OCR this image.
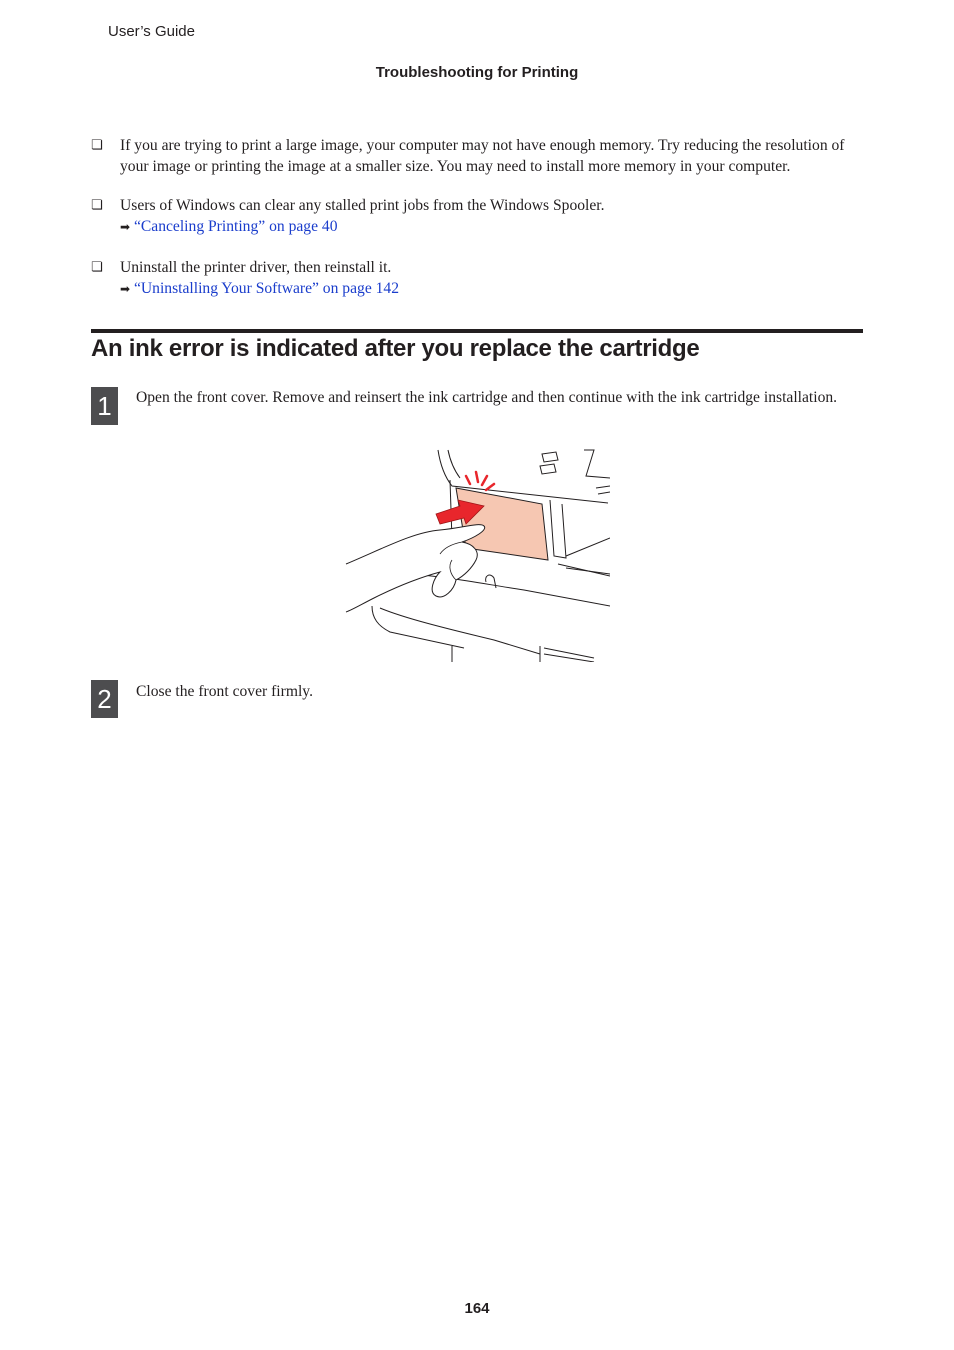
User’s Guide
Troubleshooting for Printing
❏ If you are trying to print a large image, your computer may not have enough memory. Try reducing the resolution of your image or printing the image at a smaller size. You may need to install more memory in your computer.
❏ Users of Windows can clear any stalled print jobs from the Windows Spooler.
➡ “Canceling Printing” on page 40
❏ Uninstall the printer driver, then reinstall it.
➡ “Uninstalling Your Software” on page 142
An ink error is indicated after you replace the cartridge
1	Open the front cover. Remove and reinsert the ink cartridge and then continue with the ink cartridge installation.
2	Close the front cover firmly.
164
